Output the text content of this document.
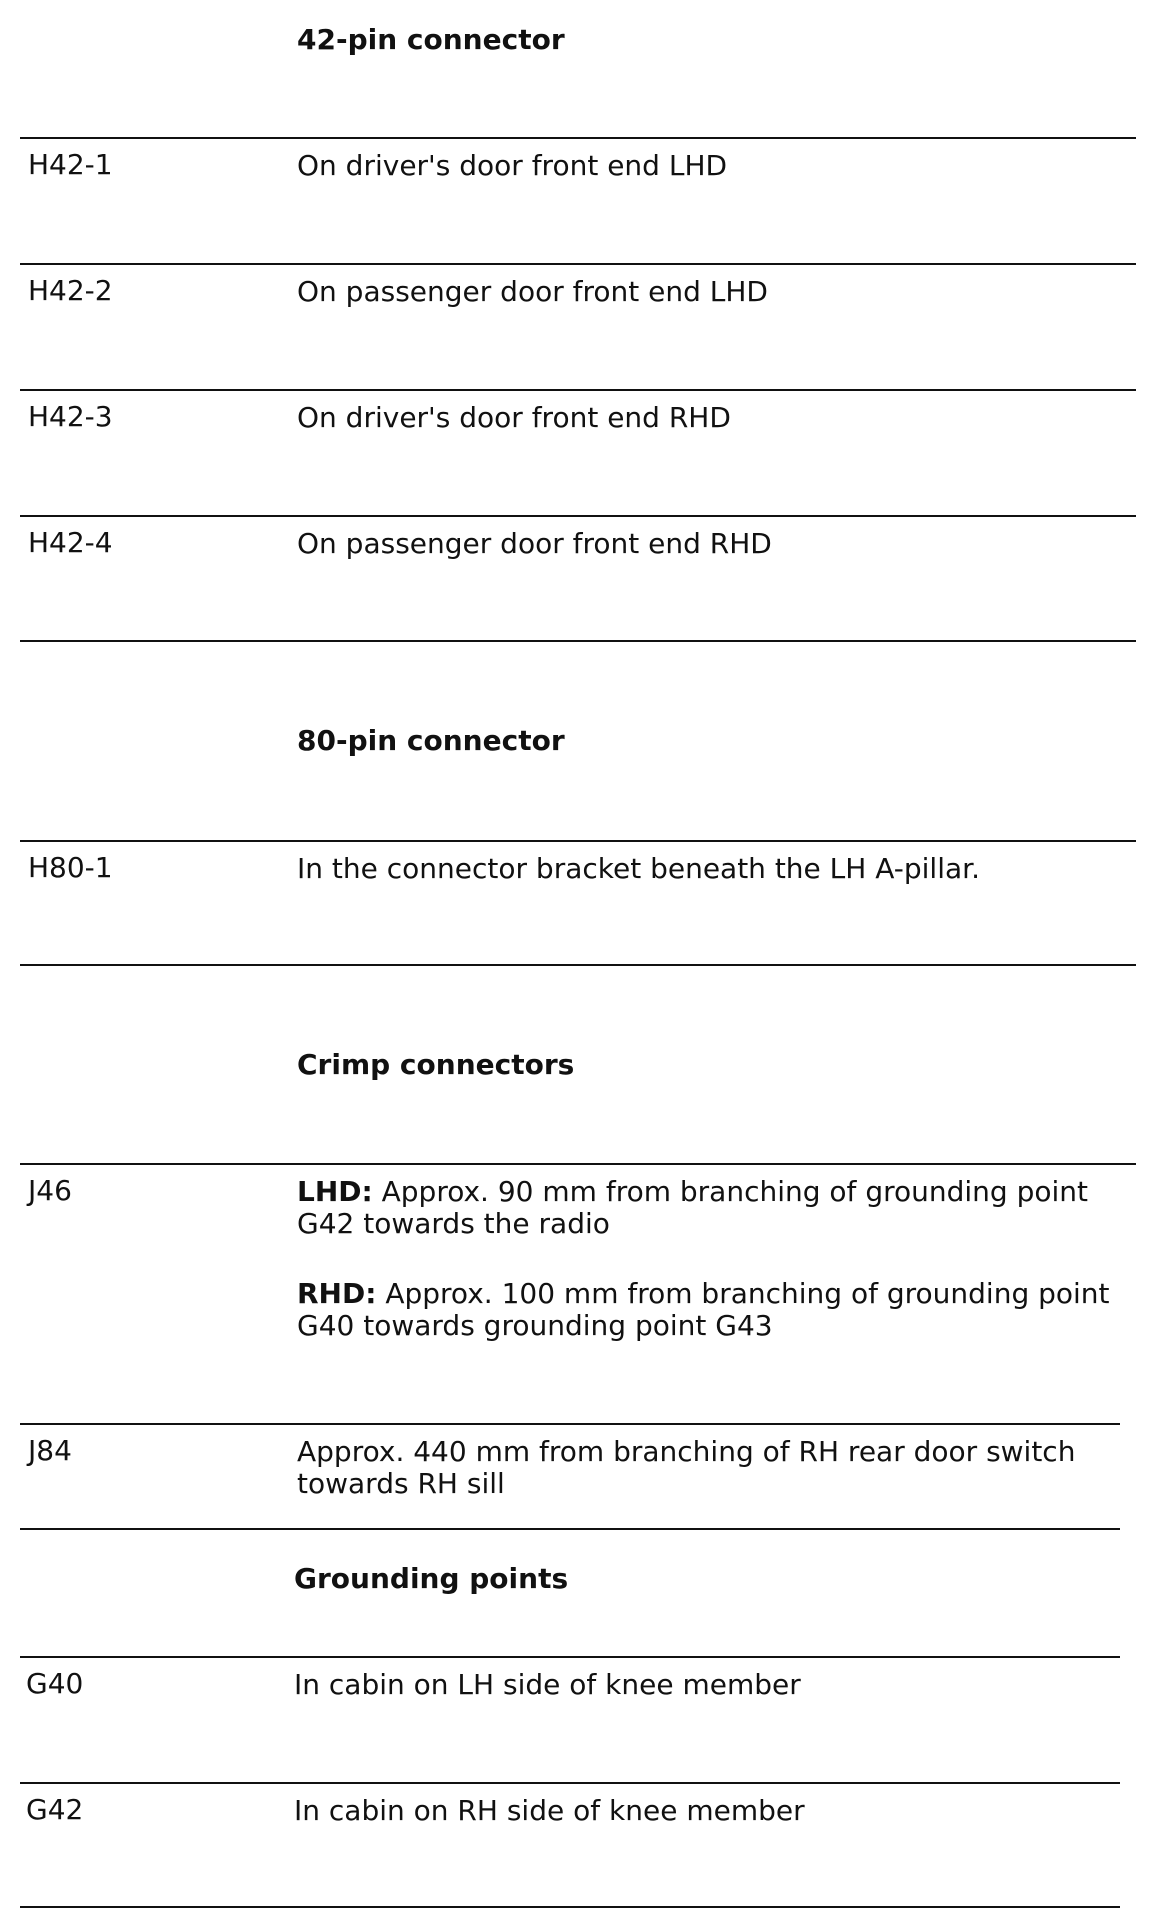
42-pin connector
H42-1	On driver's door front end LHD
H42-2	On passenger door front end LHD
H42-3	On driver's door front end RHD
H42-4	On passenger door front end RHD
80-pin connector
H80-1	In the connector bracket beneath the LH A-pillar.
Crimp connectors
J46	LHD: Approx. 90 mm from branching of grounding point G42 towards the radio

RHD: Approx. 100 mm from branching of grounding point G40 towards grounding point G43

J84	Approx. 440 mm from branching of RH rear door switch towards RH sill
Grounding points
G40	In cabin on LH side of knee member
G42	In cabin on RH side of knee member
